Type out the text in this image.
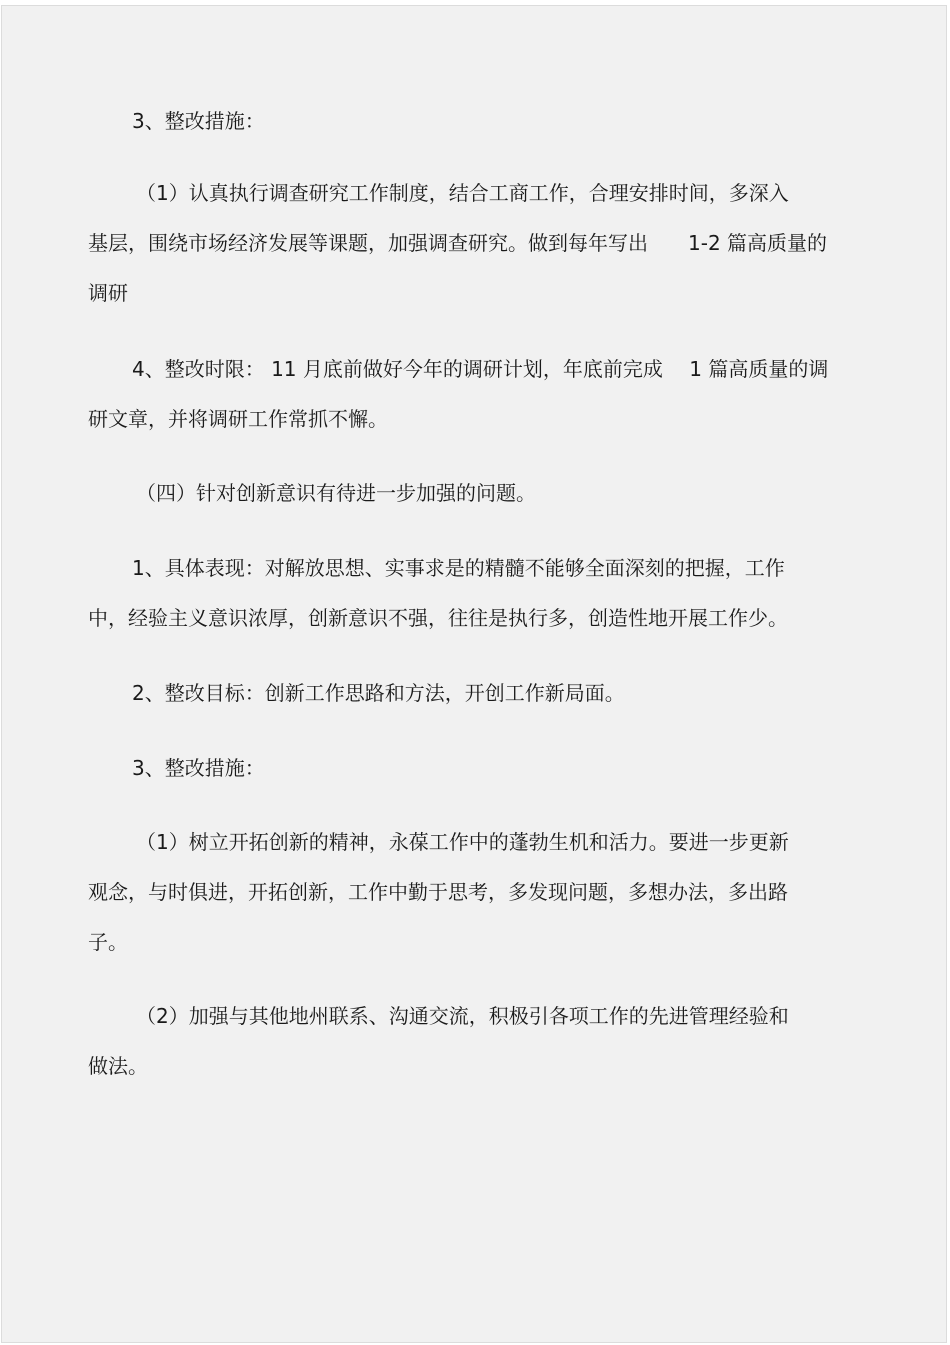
3、整改措施：

（1）认真执行调查研究工作制度，结合工商工作，合理安排时间，多深入
基层，围绕市场经济发展等课题，加强调查研究。做到每年写出　　1-2 篇高质量的
调研

4、整改时限： 11 月底前做好今年的调研计划，年底前完成　 1 篇高质量的调
研文章，并将调研工作常抓不懈。

（四）针对创新意识有待进一步加强的问题。

1、具体表现：对解放思想、实事求是的精髓不能够全面深刻的把握，工作
中，经验主义意识浓厚，创新意识不强，往往是执行多，创造性地开展工作少。

2、整改目标：创新工作思路和方法，开创工作新局面。

3、整改措施：

（1）树立开拓创新的精神，永葆工作中的蓬勃生机和活力。要进一步更新
观念，与时俱进，开拓创新，工作中勤于思考，多发现问题，多想办法，多出路
子。

（2）加强与其他地州联系、沟通交流，积极引各项工作的先进管理经验和
做法。
